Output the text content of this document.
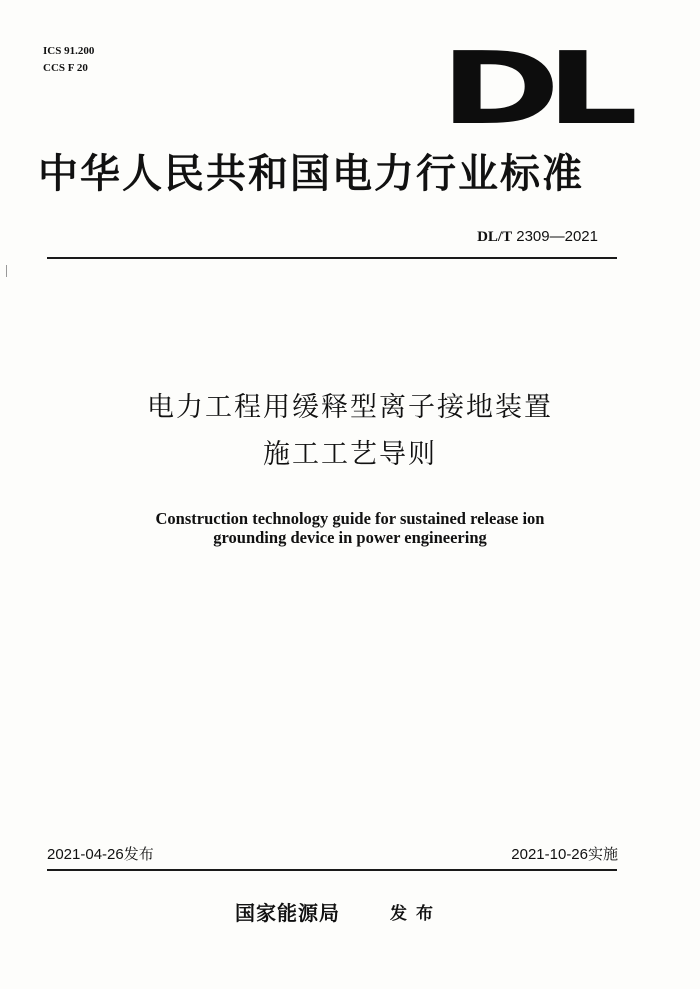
ICS 91.200
CCS F 20	DL
中华人民共和国电力行业标准
DL/T 2309—2021
电力工程用缓释型离子接地装置
施工工艺导则
Construction technology guide for sustained release ion
grounding device in power engineering
2021-04-26发布	2021-10-26实施
国家能源局	发布
